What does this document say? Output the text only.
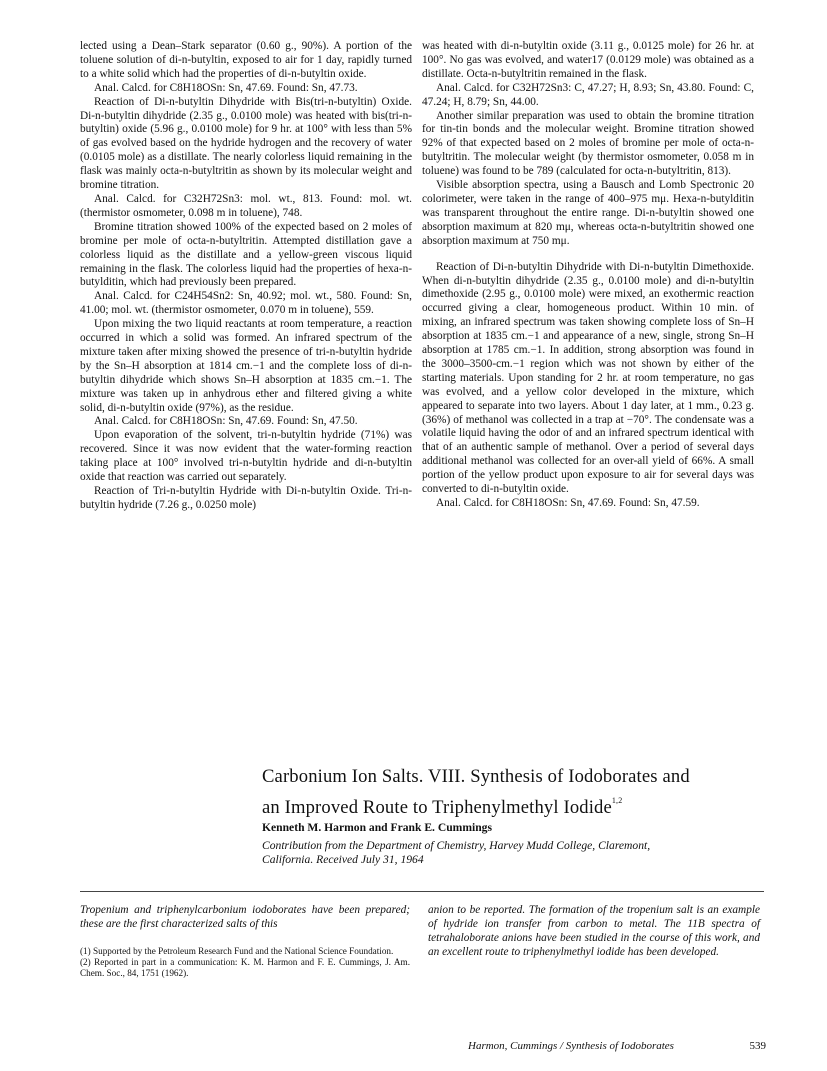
lected using a Dean–Stark separator (0.60 g., 90%). A portion of the toluene solution of di-n-butyltin, exposed to air for 1 day, rapidly turned to a white solid which had the properties of di-n-butyltin oxide.

Anal. Calcd. for C8H18OSn: Sn, 47.69. Found: Sn, 47.73.

Reaction of Di-n-butyltin Dihydride with Bis(tri-n-butyltin) Oxide. Di-n-butyltin dihydride (2.35 g., 0.0100 mole) was heated with bis(tri-n-butyltin) oxide (5.96 g., 0.0100 mole) for 9 hr. at 100° with less than 5% of gas evolved based on the hydride hydrogen and the recovery of water (0.0105 mole) as a distillate. The nearly colorless liquid remaining in the flask was mainly octa-n-butyltritin as shown by its molecular weight and bromine titration.

Anal. Calcd. for C32H72Sn3: mol. wt., 813. Found: mol. wt. (thermistor osmometer, 0.098 m in toluene), 748.

Bromine titration showed 100% of the expected based on 2 moles of bromine per mole of octa-n-butyltritin. Attempted distillation gave a colorless liquid as the distillate and a yellow-green viscous liquid remaining in the flask. The colorless liquid had the properties of hexa-n-butylditin, which had previously been prepared.

Anal. Calcd. for C24H54Sn2: Sn, 40.92; mol. wt., 580. Found: Sn, 41.00; mol. wt. (thermistor osmometer, 0.070 m in toluene), 559.

Upon mixing the two liquid reactants at room temperature, a reaction occurred in which a solid was formed. An infrared spectrum of the mixture taken after mixing showed the presence of tri-n-butyltin hydride by the Sn–H absorption at 1814 cm.−1 and the complete loss of di-n-butyltin dihydride which shows Sn–H absorption at 1835 cm.−1. The mixture was taken up in anhydrous ether and filtered giving a white solid, di-n-butyltin oxide (97%), as the residue.

Anal. Calcd. for C8H18OSn: Sn, 47.69. Found: Sn, 47.50.

Upon evaporation of the solvent, tri-n-butyltin hydride (71%) was recovered. Since it was now evident that the water-forming reaction taking place at 100° involved tri-n-butyltin hydride and di-n-butyltin oxide that reaction was carried out separately.

Reaction of Tri-n-butyltin Hydride with Di-n-butyltin Oxide. Tri-n-butyltin hydride (7.26 g., 0.0250 mole)

was heated with di-n-butyltin oxide (3.11 g., 0.0125 mole) for 26 hr. at 100°. No gas was evolved, and water17 (0.0129 mole) was obtained as a distillate. Octa-n-butyltritin remained in the flask.

Anal. Calcd. for C32H72Sn3: C, 47.27; H, 8.93; Sn, 43.80. Found: C, 47.24; H, 8.79; Sn, 44.00.

Another similar preparation was used to obtain the bromine titration for tin-tin bonds and the molecular weight. Bromine titration showed 92% of that expected based on 2 moles of bromine per mole of octa-n-butyltritin. The molecular weight (by thermistor osmometer, 0.058 m in toluene) was found to be 789 (calculated for octa-n-butyltritin, 813).

Visible absorption spectra, using a Bausch and Lomb Spectronic 20 colorimeter, were taken in the range of 400–975 mμ. Hexa-n-butylditin was transparent throughout the entire range. Di-n-butyltin showed one absorption maximum at 820 mμ, whereas octa-n-butyltritin showed one absorption maximum at 750 mμ.

Reaction of Di-n-butyltin Dihydride with Di-n-butyltin Dimethoxide. When di-n-butyltin dihydride (2.35 g., 0.0100 mole) and di-n-butyltin dimethoxide (2.95 g., 0.0100 mole) were mixed, an exothermic reaction occurred giving a clear, homogeneous product. Within 10 min. of mixing, an infrared spectrum was taken showing complete loss of Sn–H absorption at 1835 cm.−1 and appearance of a new, single, strong Sn–H absorption at 1785 cm.−1. In addition, strong absorption was found in the 3000–3500-cm.−1 region which was not shown by either of the starting materials. Upon standing for 2 hr. at room temperature, no gas was evolved, and a yellow color developed in the mixture, which appeared to separate into two layers. About 1 day later, at 1 mm., 0.23 g. (36%) of methanol was collected in a trap at −70°. The condensate was a volatile liquid having the odor of and an infrared spectrum identical with that of an authentic sample of methanol. Over a period of several days additional methanol was collected for an over-all yield of 66%. A small portion of the yellow product upon exposure to air for several days was converted to di-n-butyltin oxide.

Anal. Calcd. for C8H18OSn: Sn, 47.69. Found: Sn, 47.59.

Carbonium Ion Salts. VIII. Synthesis of Iodoborates and
an Improved Route to Triphenylmethyl Iodide$^{1,2}$
Kenneth M. Harmon and Frank E. Cummings
Contribution from the Department of Chemistry, Harvey Mudd College, Claremont, California. Received July 31, 1964
Tropenium and triphenylcarbonium iodoborates have been prepared; these are the first characterized salts of this
anion to be reported. The formation of the tropenium salt is an example of hydride ion transfer from carbon to metal. The 11B spectra of tetrahaloborate anions have been studied in the course of this work, and an excellent route to triphenylmethyl iodide has been developed.

(1) Supported by the Petroleum Research Fund and the National Science Foundation.

(2) Reported in part in a communication: K. M. Harmon and F. E. Cummings, J. Am. Chem. Soc., 84, 1751 (1962).

Harmon, Cummings / Synthesis of Iodoborates	539
